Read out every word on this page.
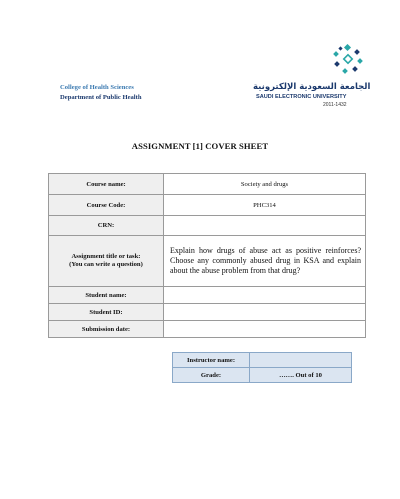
College of Health Sciences
Department of Public Health
الجامعة السعودية الإلكترونية
SAUDI ELECTRONIC UNIVERSITY
2011-1432
ASSIGNMENT [1] COVER SHEET
Course name:	Society and drugs
Course Code:	PHC314
CRN:	

Assignment title or task:
(You can write a question)	Explain how drugs of abuse act as positive reinforces? Choose any commonly abused drug in KSA and explain about the abuse problem from that drug?
Student name:	
Student ID:	
Submission date:	
Instructor name:	
Grade:	……. Out of 10
